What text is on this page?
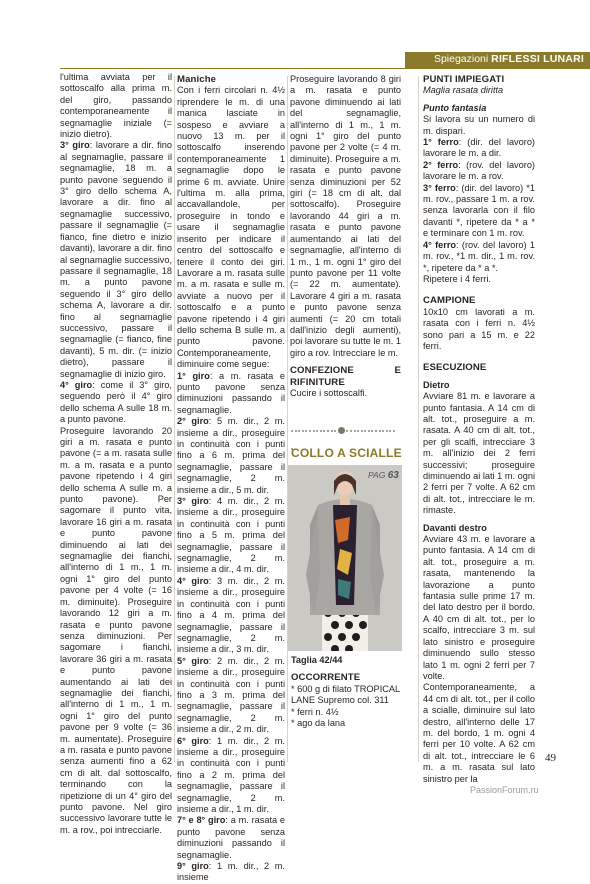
Spiegazioni RIFLESSI LUNARI

l'ultima avviata per il sottoscalfo alla prima m. del giro, passando contemporaneamente il segnamaglie iniziale (= inizio dietro).

3° giro: lavorare a dir. fino al segnamaglie, passare il segnamaglie, 18 m. a punto pavone seguendo il 3° giro dello schema A, lavorare a dir. fino al segnamaglie successivo, passare il segnamaglie (= fianco, fine dietro e inizio davanti), lavorare a dir. fino al segnamaglie successivo, passare il segnamaglie, 18 m. a punto pavone seguendo il 3° giro dello schema A, lavorare a dir. fino al segnamaglie successivo, passare il segnamaglie (= fianco, fine davanti), 5 m. dir. (= inizio dietro), passare il segnamaglie di inizio giro.

4° giro: come il 3° giro, seguendo però il 4° giro dello schema A sulle 18 m. a punto pavone.

Proseguire lavorando 20 giri a m. rasata e punto pavone (= a m. rasata sulle m. a m. rasata e a punto pavone ripetendo i 4 giri dello schema A sulle m. a punto pavone). Per sagomare il punto vita, lavorare 16 giri a m. rasata e punto pavone diminuendo ai lati dei segnamaglie dei fianchi, all'interno di 1 m., 1 m. ogni 1° giro del punto pavone per 4 volte (= 16 m. diminuite). Proseguire lavorando 12 giri a m. rasata e punto pavone senza diminuzioni. Per sagomare i fianchi, lavorare 36 giri a m. rasata e punto pavone aumentando ai lati dei segnamaglie dei fianchi, all'interno di 1 m., 1 m. ogni 1° giro del punto pavone per 9 volte (= 36 m. aumentate). Proseguire a m. rasata e punto pavone senza aumenti fino a 62 cm di alt. dal sottoscalfo, terminando con la ripetizione di un 4° giro del punto pavone. Nel giro successivo lavorare tutte le m. a rov., poi intrecciarle.

Maniche

Con i ferri circolari n. 4½ riprendere le m. di una manica lasciate in sospeso e avviare a nuovo 13 m. per il sottoscalfo inserendo contemporaneamente 1 segnamaglie dopo le prime 6 m. avviate. Unire l'ultima m. alla prima, accavallandole, per proseguire in tondo e usare il segnamaglie inserito per indicare il centro del sottoscalfo e tenere il conto dei giri. Lavorare a m. rasata sulle m. a m. rasata e sulle m. avviate a nuovo per il sottoscalfo e a punto pavone ripetendo i 4 giri dello schema B sulle m. a punto pavone. Contemporaneamente, diminuire come segue:

1° giro: a m. rasata e punto pavone senza diminuzioni passando il segnamaglie.

2° giro: 5 m. dir., 2 m. insieme a dir., proseguire in continuità con i punti fino a 6 m. prima del segnamaglie, passare il segnamaglie, 2 m. insieme a dir., 5 m. dir.

3° giro: 4 m. dir., 2 m. insieme a dir., proseguire in continuità con i punti fino a 5 m. prima del segnamaglie, passare il segnamaglie, 2 m. insieme a dir., 4 m. dir.

4° giro: 3 m. dir., 2 m. insieme a dir., proseguire in continuità con i punti fino a 4 m. prima del segnamaglie, passare il segnamaglie, 2 m. insieme a dir., 3 m. dir.

5° giro: 2 m. dir., 2 m. insieme a dir., proseguire in continuità con i punti fino a 3 m. prima del segnamaglie, passare il segnamaglie, 2 m. insieme a dir., 2 m. dir.

6° giro: 1 m. dir., 2 m. insieme a dir., proseguire in continuità con i punti fino a 2 m. prima del segnamaglie, passare il segnamaglie, 2 m. insieme a dir., 1 m. dir.

7° e 8° giro: a m. rasata e punto pavone senza diminuzioni passando il segnamaglie.

9° giro: 1 m. dir., 2 m. insieme

Proseguire lavorando 8 giri a m. rasata e punto pavone diminuendo ai lati del segnamaglie, all'interno di 1 m., 1 m. ogni 1° giro del punto pavone per 2 volte (= 4 m. diminuite). Proseguire a m. rasata e punto pavone senza diminuzioni per 52 giri (= 18 cm di alt. dal sottoscalfo). Proseguire lavorando 44 giri a m. rasata e punto pavone aumentando ai lati del segnamaglie, all'interno di 1 m., 1 m. ogni 1° giro del punto pavone per 11 volte (= 22 m. aumentate). Lavorare 4 giri a m. rasata e punto pavone senza aumenti (= 20 cm totali dall'inizio degli aumenti), poi lavorare su tutte le m. 1 giro a rov. Intrecciare le m.

CONFEZIONE E RIFINITURE

Cucire i sottoscalfi.

COLLO A SCIALLE
PAG 63

Taglia 42/44

OCCORRENTE

* 600 g di filato TROPICAL LANE Supremo col. 311

* ferri n. 4½

* ago da lana

PUNTI IMPIEGATI

Maglia rasata diritta

Punto fantasia

Si lavora su un numero di m. dispari.

1° ferro: (dir. del lavoro) lavorare le m. a dir.

2° ferro: (rov. del lavoro) lavorare le m. a rov.

3° ferro: (dir. del lavoro) *1 m. rov., passare 1 m. a rov. senza lavorarla con il filo davanti *, ripetere da * a * e terminare con 1 m. rov.

4° ferro: (rov. del lavoro) 1 m. rov., *1 m. dir., 1 m. rov. *, ripetere da * a *.

Ripetere i 4 ferri.

CAMPIONE

10x10 cm lavorati a m. rasata con i ferri n. 4½ sono pari a 15 m. e 22 ferri.

ESECUZIONE

Dietro

Avviare 81 m. e lavorare a punto fantasia. A 14 cm di alt. tot., proseguire a m. rasata. A 40 cm di alt. tot., per gli scalfi, intrecciare 3 m. all'inizio dei 2 ferri successivi; proseguire diminuendo ai lati 1 m. ogni 2 ferri per 7 volte. A 62 cm di alt. tot., intrecciare le m. rimaste.

Davanti destro

Avviare 43 m. e lavorare a punto fantasia. A 14 cm di alt. tot., proseguire a m. rasata, mantenendo la lavorazione a punto fantasia sulle prime 17 m. del lato destro per il bordo. A 40 cm di alt. tot., per lo scalfo, intrecciare 3 m. sul lato sinistro e proseguire diminuendo sullo stesso lato 1 m. ogni 2 ferri per 7 volte. Contemporaneamente, a 44 cm di alt. tot., per il collo a scialle, diminuire sul lato destro, all'interno delle 17 m. del bordo, 1 m. ogni 4 ferri per 10 volte. A 62 cm di alt. tot., intrecciare le 6 m. a m. rasata sul lato sinistro per la

49
PassionForum.ru
